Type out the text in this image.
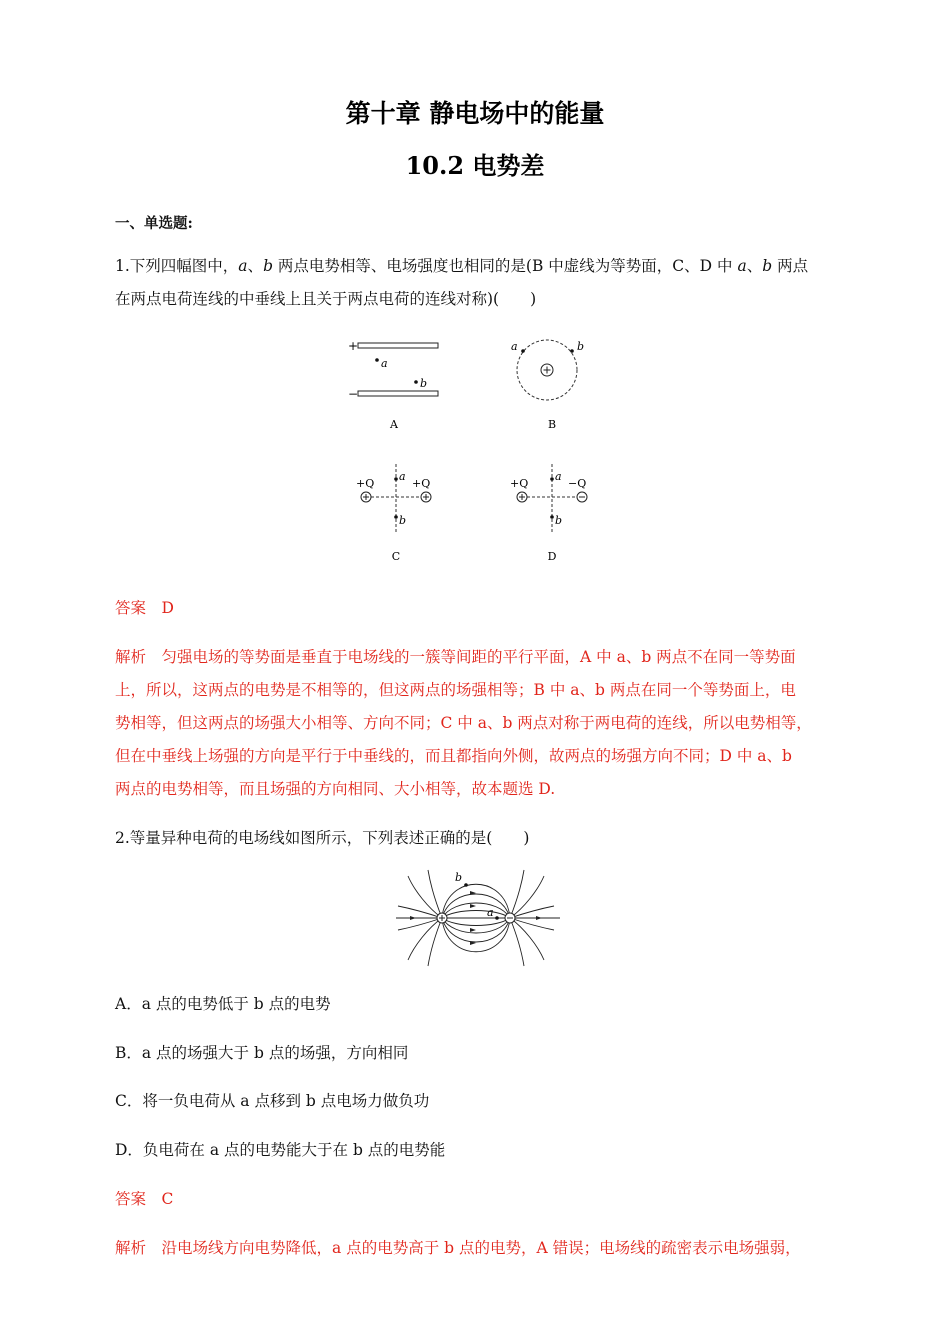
第十章 静电场中的能量
10.2 电势差
一、单选题:
1.下列四幅图中，a、b 两点电势相等、电场强度也相同的是(B 中虚线为等势面，C、D 中 a、b 两点
在两点电荷连线的中垂线上且关于两点电荷的连线对称)(　　)
+
a
b
−
A
a	b
B
+Q	+Q
a
b
C
+Q	−Q
a
b
D
答案　 D
解析　 匀强电场的等势面是垂直于电场线的一簇等间距的平行平面，A 中 a、b 两点不在同一等势面
上，所以，这两点的电势是不相等的，但这两点的场强相等；B 中 a、b 两点在同一个等势面上，电
势相等，但这两点的场强大小相等、方向不同；C 中 a、b 两点对称于两电荷的连线，所以电势相等，
但在中垂线上场强的方向是平行于中垂线的，而且都指向外侧，故两点的场强方向不同；D 中 a、b
两点的电势相等，而且场强的方向相同、大小相等，故本题选 D.
2.等量异种电荷的电场线如图所示，下列表述正确的是(　　)
a
b
A．a 点的电势低于 b 点的电势
B．a 点的场强大于 b 点的场强，方向相同
C．将一负电荷从 a 点移到 b 点电场力做负功
D．负电荷在 a 点的电势能大于在 b 点的电势能
答案　 C
解析　 沿电场线方向电势降低，a 点的电势高于 b 点的电势，A 错误；电场线的疏密表示电场强弱，
